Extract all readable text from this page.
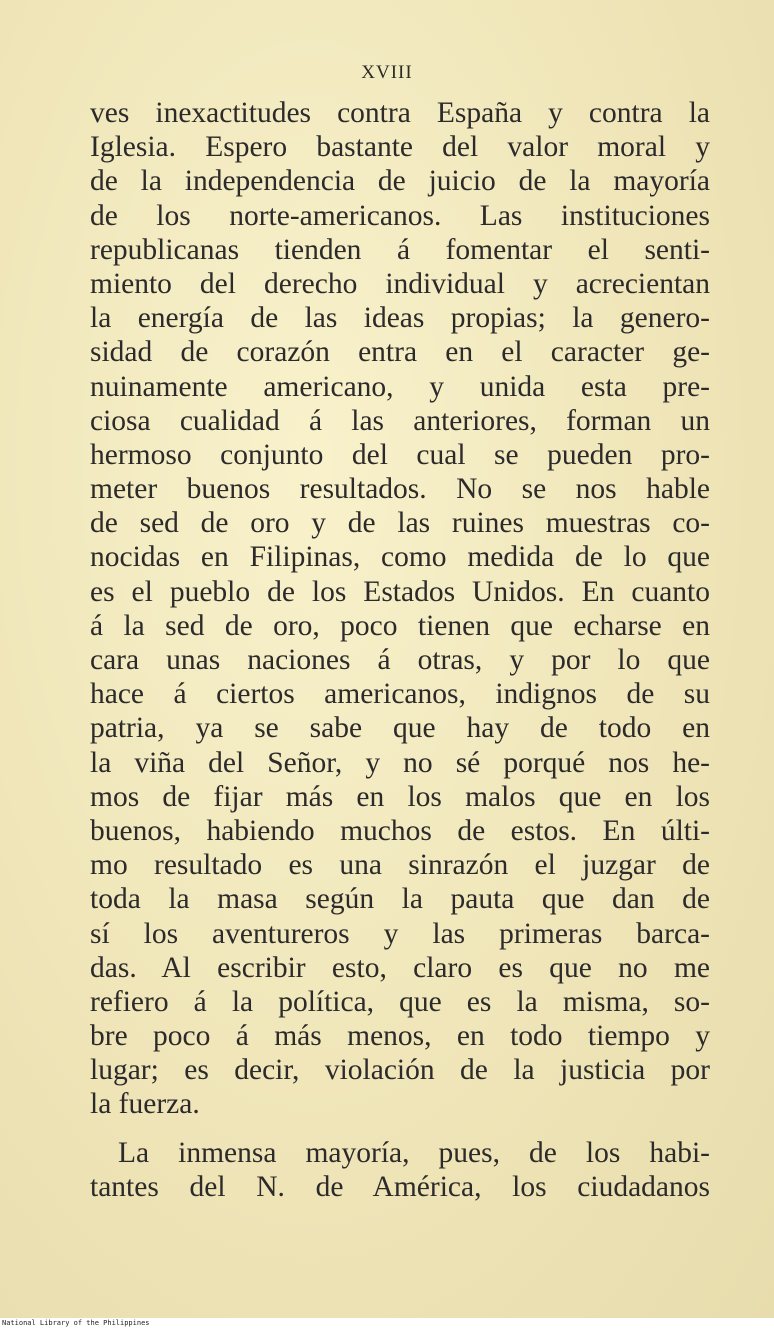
XVIII
ves inexactitudes contra España y contra la
Iglesia. Espero bastante del valor moral y
de la independencia de juicio de la mayoría
de los norte-americanos. Las instituciones
republicanas tienden á fomentar el senti-
miento del derecho individual y acrecientan
la energía de las ideas propias; la genero-
sidad de corazón entra en el caracter ge-
nuinamente americano, y unida esta pre-
ciosa cualidad á las anteriores, forman un
hermoso conjunto del cual se pueden pro-
meter buenos resultados. No se nos hable
de sed de oro y de las ruines muestras co-
nocidas en Filipinas, como medida de lo que
es el pueblo de los Estados Unidos. En cuanto
á la sed de oro, poco tienen que echarse en
cara unas naciones á otras, y por lo que
hace á ciertos americanos, indignos de su
patria, ya se sabe que hay de todo en
la viña del Señor, y no sé porqué nos he-
mos de fijar más en los malos que en los
buenos, habiendo muchos de estos. En últi-
mo resultado es una sinrazón el juzgar de
toda la masa según la pauta que dan de
sí los aventureros y las primeras barca-
das. Al escribir esto, claro es que no me
refiero á la política, que es la misma, so-
bre poco á más menos, en todo tiempo y
lugar; es decir, violación de la justicia por
la fuerza.
La inmensa mayoría, pues, de los habi-
tantes del N. de América, los ciudadanos
National Library of the Philippines
